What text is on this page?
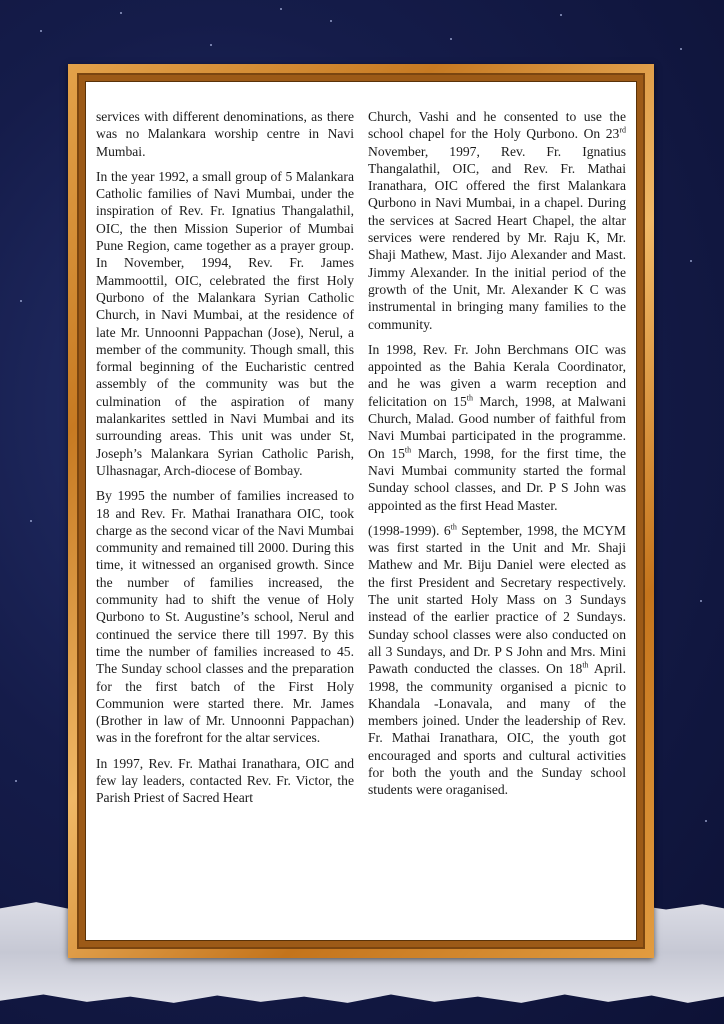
services with different denominations, as there was no Malankara worship centre in Navi Mumbai.

In the year 1992, a small group of 5 Malankara Catholic families of Navi Mumbai, under the inspiration of Rev. Fr. Ignatius Thangalathil, OIC, the then Mission Superior of Mumbai Pune Region, came together as a prayer group. In November, 1994, Rev. Fr. James Mammoottil, OIC, celebrated the first Holy Qurbono of the Malankara Syrian Catholic Church, in Navi Mumbai, at the residence of late Mr. Unnoonni Pappachan (Jose), Nerul, a member of the community. Though small, this formal beginning of the Eucharistic centred assembly of the community was but the culmination of the aspiration of many malankarites settled in Navi Mumbai and its surrounding areas. This unit was under St, Joseph’s Malankara Syrian Catholic Parish, Ulhasnagar, Arch-diocese of Bombay.

By 1995 the number of families increased to 18 and Rev. Fr. Mathai Iranathara OIC, took charge as the second vicar of the Navi Mumbai community and remained till 2000. During this time, it witnessed an organised growth. Since the number of families increased, the community had to shift the venue of Holy Qurbono to St. Augustine’s school, Nerul and continued the service there till 1997. By this time the number of families increased to 45. The Sunday school classes and the preparation for the first batch of the First Holy Communion were started there. Mr. James (Brother in law of Mr. Unnoonni Pappachan) was in the forefront for the altar services.

In 1997, Rev. Fr. Mathai Iranathara, OIC and few lay leaders, contacted Rev. Fr. Victor, the Parish Priest of Sacred Heart

Church, Vashi and he consented to use the school chapel for the Holy Qurbono. On 23rd November, 1997, Rev. Fr. Ignatius Thangalathil, OIC, and Rev. Fr. Mathai Iranathara, OIC offered the first Malankara Qurbono in Navi Mumbai, in a chapel. During the services at Sacred Heart Chapel, the altar services were rendered by Mr. Raju K, Mr. Shaji Mathew, Mast. Jijo Alexander and Mast. Jimmy Alexander. In the initial period of the growth of the Unit, Mr. Alexander K C was instrumental in bringing many families to the community.

In 1998, Rev. Fr. John Berchmans OIC was appointed as the Bahia Kerala Coordinator, and he was given a warm reception and felicitation on 15th March, 1998, at Malwani Church, Malad. Good number of faithful from Navi Mumbai participated in the programme. On 15th March, 1998, for the first time, the Navi Mumbai community started the formal Sunday school classes, and Dr. P S John was appointed as the first Head Master.

(1998-1999). 6th September, 1998, the MCYM was first started in the Unit and Mr. Shaji Mathew and Mr. Biju Daniel were elected as the first President and Secretary respectively. The unit started Holy Mass on 3 Sundays instead of the earlier practice of 2 Sundays. Sunday school classes were also conducted on all 3 Sundays, and Dr. P S John and Mrs. Mini Pawath conducted the classes. On 18th April. 1998, the community organised a picnic to Khandala -Lonavala, and many of the members joined. Under the leadership of Rev. Fr. Mathai Iranathara, OIC, the youth got encouraged and sports and cultural activities for both the youth and the Sunday school students were oraganised.
